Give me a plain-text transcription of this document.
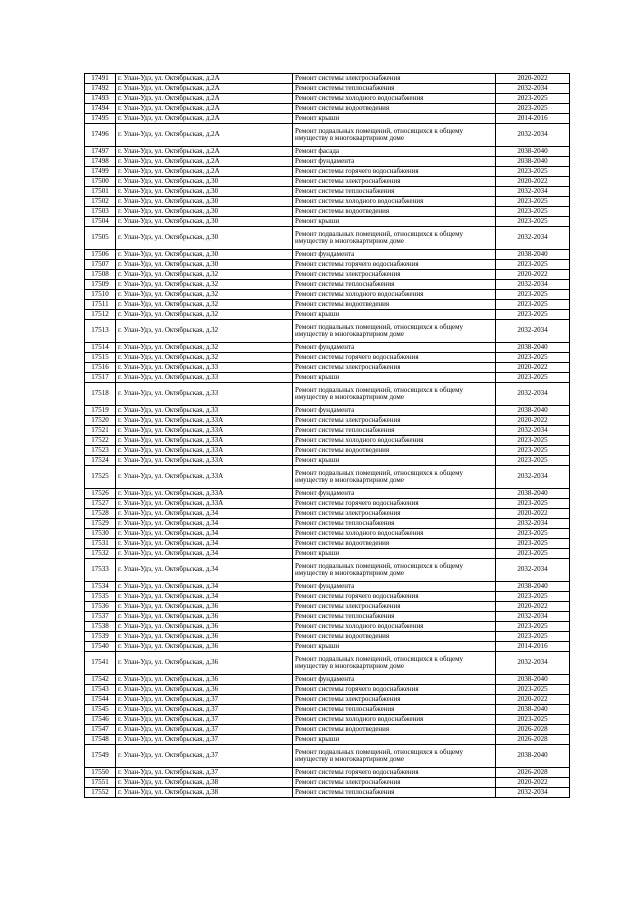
17491	г. Улан-Удэ, ул. Октябрьская, д.2А	Ремонт системы электроснабжения	2020-2022
17492	г. Улан-Удэ, ул. Октябрьская, д.2А	Ремонт системы теплоснабжения	2032-2034
17493	г. Улан-Удэ, ул. Октябрьская, д.2А	Ремонт системы холодного водоснабжения	2023-2025
17494	г. Улан-Удэ, ул. Октябрьская, д.2А	Ремонт системы водоотведения	2023-2025
17495	г. Улан-Удэ, ул. Октябрьская, д.2А	Ремонт крыши	2014-2016
17496	г. Улан-Удэ, ул. Октябрьская, д.2А	Ремонт подвальных помещений, относящихся к общему имуществу в многоквартирном доме	2032-2034
17497	г. Улан-Удэ, ул. Октябрьская, д.2А	Ремонт фасада	2038-2040
17498	г. Улан-Удэ, ул. Октябрьская, д.2А	Ремонт фундамента	2038-2040
17499	г. Улан-Удэ, ул. Октябрьская, д.2А	Ремонт системы горячего водоснабжения	2023-2025
17500	г. Улан-Удэ, ул. Октябрьская, д.30	Ремонт системы электроснабжения	2020-2022
17501	г. Улан-Удэ, ул. Октябрьская, д.30	Ремонт системы теплоснабжения	2032-2034
17502	г. Улан-Удэ, ул. Октябрьская, д.30	Ремонт системы холодного водоснабжения	2023-2025
17503	г. Улан-Удэ, ул. Октябрьская, д.30	Ремонт системы водоотведения	2023-2025
17504	г. Улан-Удэ, ул. Октябрьская, д.30	Ремонт крыши	2023-2025
17505	г. Улан-Удэ, ул. Октябрьская, д.30	Ремонт подвальных помещений, относящихся к общему имуществу в многоквартирном доме	2032-2034
17506	г. Улан-Удэ, ул. Октябрьская, д.30	Ремонт фундамента	2038-2040
17507	г. Улан-Удэ, ул. Октябрьская, д.30	Ремонт системы горячего водоснабжения	2023-2025
17508	г. Улан-Удэ, ул. Октябрьская, д.32	Ремонт системы электроснабжения	2020-2022
17509	г. Улан-Удэ, ул. Октябрьская, д.32	Ремонт системы теплоснабжения	2032-2034
17510	г. Улан-Удэ, ул. Октябрьская, д.32	Ремонт системы холодного водоснабжения	2023-2025
17511	г. Улан-Удэ, ул. Октябрьская, д.32	Ремонт системы водоотведения	2023-2025
17512	г. Улан-Удэ, ул. Октябрьская, д.32	Ремонт крыши	2023-2025
17513	г. Улан-Удэ, ул. Октябрьская, д.32	Ремонт подвальных помещений, относящихся к общему имуществу в многоквартирном доме	2032-2034
17514	г. Улан-Удэ, ул. Октябрьская, д.32	Ремонт фундамента	2038-2040
17515	г. Улан-Удэ, ул. Октябрьская, д.32	Ремонт системы горячего водоснабжения	2023-2025
17516	г. Улан-Удэ, ул. Октябрьская, д.33	Ремонт системы электроснабжения	2020-2022
17517	г. Улан-Удэ, ул. Октябрьская, д.33	Ремонт крыши	2023-2025
17518	г. Улан-Удэ, ул. Октябрьская, д.33	Ремонт подвальных помещений, относящихся к общему имуществу в многоквартирном доме	2032-2034
17519	г. Улан-Удэ, ул. Октябрьская, д.33	Ремонт фундамента	2038-2040
17520	г. Улан-Удэ, ул. Октябрьская, д.33А	Ремонт системы электроснабжения	2020-2022
17521	г. Улан-Удэ, ул. Октябрьская, д.33А	Ремонт системы теплоснабжения	2032-2034
17522	г. Улан-Удэ, ул. Октябрьская, д.33А	Ремонт системы холодного водоснабжения	2023-2025
17523	г. Улан-Удэ, ул. Октябрьская, д.33А	Ремонт системы водоотведения	2023-2025
17524	г. Улан-Удэ, ул. Октябрьская, д.33А	Ремонт крыши	2023-2025
17525	г. Улан-Удэ, ул. Октябрьская, д.33А	Ремонт подвальных помещений, относящихся к общему имуществу в многоквартирном доме	2032-2034
17526	г. Улан-Удэ, ул. Октябрьская, д.33А	Ремонт фундамента	2038-2040
17527	г. Улан-Удэ, ул. Октябрьская, д.33А	Ремонт системы горячего водоснабжения	2023-2025
17528	г. Улан-Удэ, ул. Октябрьская, д.34	Ремонт системы электроснабжения	2020-2022
17529	г. Улан-Удэ, ул. Октябрьская, д.34	Ремонт системы теплоснабжения	2032-2034
17530	г. Улан-Удэ, ул. Октябрьская, д.34	Ремонт системы холодного водоснабжения	2023-2025
17531	г. Улан-Удэ, ул. Октябрьская, д.34	Ремонт системы водоотведения	2023-2025
17532	г. Улан-Удэ, ул. Октябрьская, д.34	Ремонт крыши	2023-2025
17533	г. Улан-Удэ, ул. Октябрьская, д.34	Ремонт подвальных помещений, относящихся к общему имуществу в многоквартирном доме	2032-2034
17534	г. Улан-Удэ, ул. Октябрьская, д.34	Ремонт фундамента	2038-2040
17535	г. Улан-Удэ, ул. Октябрьская, д.34	Ремонт системы горячего водоснабжения	2023-2025
17536	г. Улан-Удэ, ул. Октябрьская, д.36	Ремонт системы электроснабжения	2020-2022
17537	г. Улан-Удэ, ул. Октябрьская, д.36	Ремонт системы теплоснабжения	2032-2034
17538	г. Улан-Удэ, ул. Октябрьская, д.36	Ремонт системы холодного водоснабжения	2023-2025
17539	г. Улан-Удэ, ул. Октябрьская, д.36	Ремонт системы водоотведения	2023-2025
17540	г. Улан-Удэ, ул. Октябрьская, д.36	Ремонт крыши	2014-2016
17541	г. Улан-Удэ, ул. Октябрьская, д.36	Ремонт подвальных помещений, относящихся к общему имуществу в многоквартирном доме	2032-2034
17542	г. Улан-Удэ, ул. Октябрьская, д.36	Ремонт фундамента	2038-2040
17543	г. Улан-Удэ, ул. Октябрьская, д.36	Ремонт системы горячего водоснабжения	2023-2025
17544	г. Улан-Удэ, ул. Октябрьская, д.37	Ремонт системы электроснабжения	2020-2022
17545	г. Улан-Удэ, ул. Октябрьская, д.37	Ремонт системы теплоснабжения	2038-2040
17546	г. Улан-Удэ, ул. Октябрьская, д.37	Ремонт системы холодного водоснабжения	2023-2025
17547	г. Улан-Удэ, ул. Октябрьская, д.37	Ремонт системы водоотведения	2026-2028
17548	г. Улан-Удэ, ул. Октябрьская, д.37	Ремонт крыши	2026-2028
17549	г. Улан-Удэ, ул. Октябрьская, д.37	Ремонт подвальных помещений, относящихся к общему имуществу в многоквартирном доме	2038-2040
17550	г. Улан-Удэ, ул. Октябрьская, д.37	Ремонт системы горячего водоснабжения	2026-2028
17551	г. Улан-Удэ, ул. Октябрьская, д.38	Ремонт системы электроснабжения	2020-2022
17552	г. Улан-Удэ, ул. Октябрьская, д.38	Ремонт системы теплоснабжения	2032-2034
